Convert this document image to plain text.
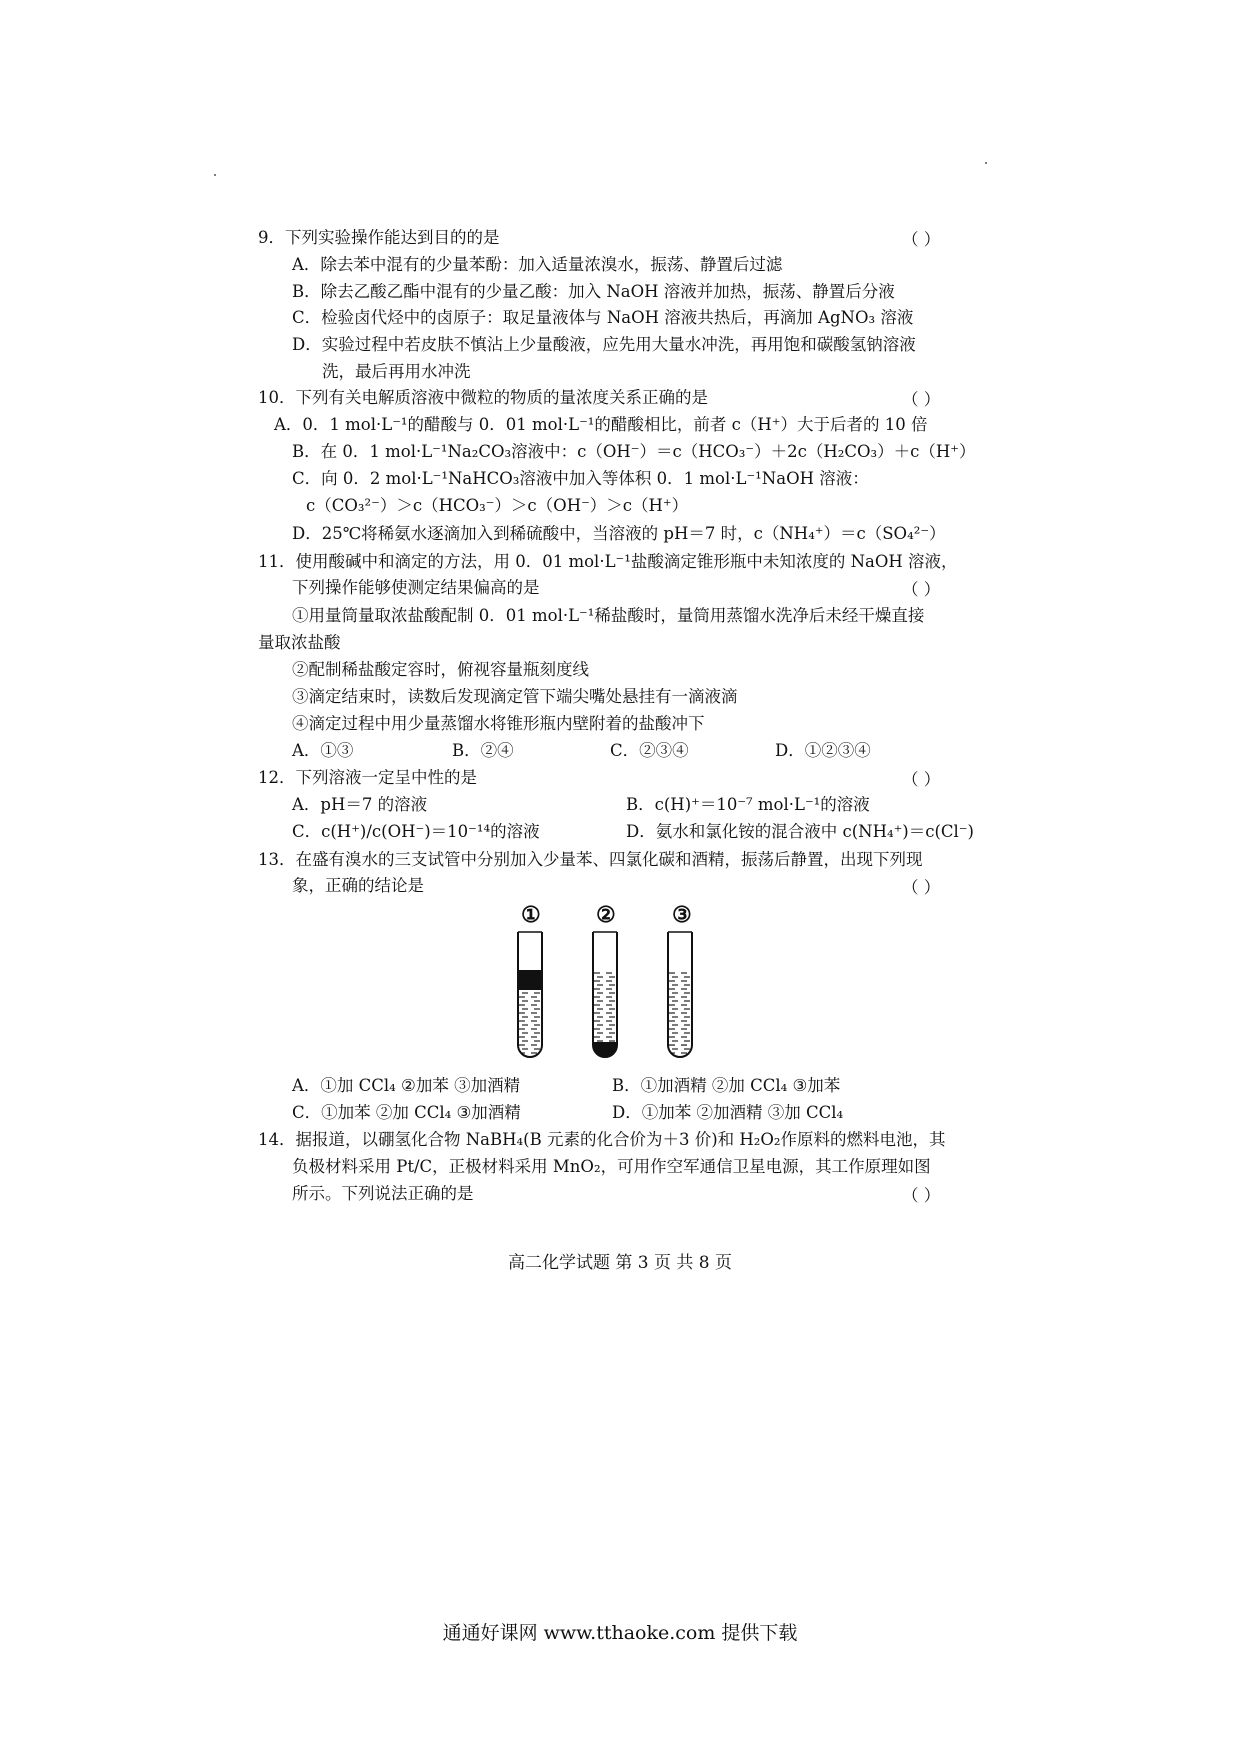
9．下列实验操作能达到目的的是	（ ）
A．除去苯中混有的少量苯酚：加入适量浓溴水，振荡、静置后过滤
B．除去乙酸乙酯中混有的少量乙酸：加入 NaOH 溶液并加热，振荡、静置后分液
C．检验卤代烃中的卤原子：取足量液体与 NaOH 溶液共热后，再滴加 AgNO₃ 溶液
D．实验过程中若皮肤不慎沾上少量酸液，应先用大量水冲洗，再用饱和碳酸氢钠溶液
洗，最后再用水冲洗
10．下列有关电解质溶液中微粒的物质的量浓度关系正确的是	（ ）
A．0．1 mol·L⁻¹的醋酸与 0．01 mol·L⁻¹的醋酸相比，前者 c（H⁺）大于后者的 10 倍
B．在 0．1 mol·L⁻¹Na₂CO₃溶液中：c（OH⁻）＝c（HCO₃⁻）＋2c（H₂CO₃）＋c（H⁺）
C．向 0．2 mol·L⁻¹NaHCO₃溶液中加入等体积 0．1 mol·L⁻¹NaOH 溶液：
c（CO₃²⁻）＞c（HCO₃⁻）＞c（OH⁻）＞c（H⁺）
D．25℃将稀氨水逐滴加入到稀硫酸中，当溶液的 pH＝7 时，c（NH₄⁺）＝c（SO₄²⁻）
11．使用酸碱中和滴定的方法，用 0．01 mol·L⁻¹盐酸滴定锥形瓶中未知浓度的 NaOH 溶液，
下列操作能够使测定结果偏高的是	（ ）
①用量筒量取浓盐酸配制 0．01 mol·L⁻¹稀盐酸时，量筒用蒸馏水洗净后未经干燥直接
量取浓盐酸
②配制稀盐酸定容时，俯视容量瓶刻度线
③滴定结束时，读数后发现滴定管下端尖嘴处悬挂有一滴液滴
④滴定过程中用少量蒸馏水将锥形瓶内壁附着的盐酸冲下
A．①③	B．②④	C．②③④	D．①②③④
12．下列溶液一定呈中性的是	（ ）
A．pH＝7 的溶液	B．c(H)⁺＝10⁻⁷ mol·L⁻¹的溶液
C．c(H⁺)/c(OH⁻)＝10⁻¹⁴的溶液	D．氨水和氯化铵的混合液中 c(NH₄⁺)＝c(Cl⁻)
13．在盛有溴水的三支试管中分别加入少量苯、四氯化碳和酒精，振荡后静置，出现下列现
象，正确的结论是	（ ）
①	②	③
A．①加 CCl₄ ②加苯 ③加酒精	B．①加酒精 ②加 CCl₄ ③加苯
C．①加苯 ②加 CCl₄ ③加酒精	D．①加苯 ②加酒精 ③加 CCl₄
14．据报道，以硼氢化合物 NaBH₄(B 元素的化合价为＋3 价)和 H₂O₂作原料的燃料电池，其
负极材料采用 Pt/C，正极材料采用 MnO₂，可用作空军通信卫星电源，其工作原理如图
所示。下列说法正确的是	（ ）
高二化学试题 第 3 页 共 8 页
通通好课网 www.tthaoke.com 提供下载
